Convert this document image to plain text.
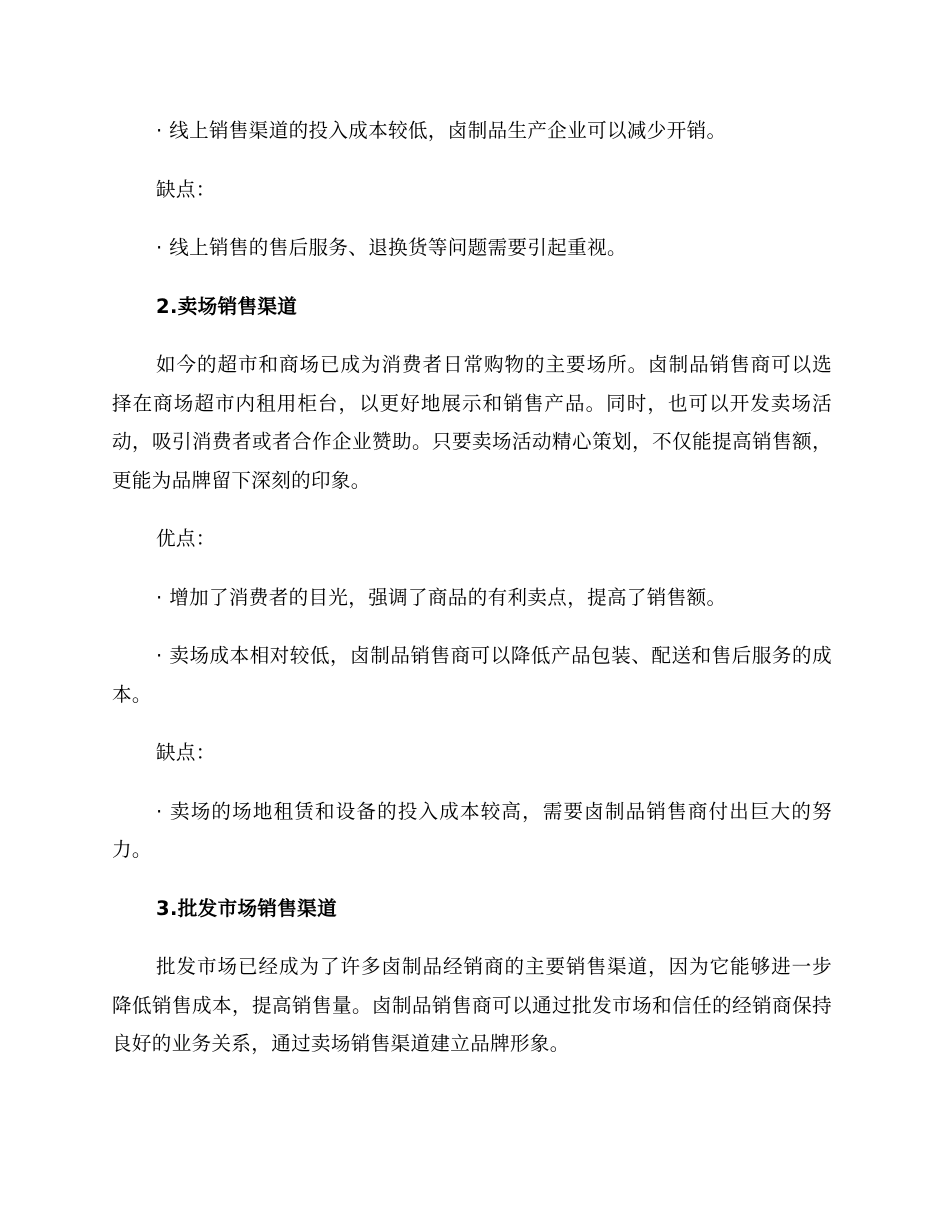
· 线上销售渠道的投入成本较低，卤制品生产企业可以减少开销。

缺点：

· 线上销售的售后服务、退换货等问题需要引起重视。

2.卖场销售渠道

如今的超市和商场已成为消费者日常购物的主要场所。卤制品销售商可以选择在商场超市内租用柜台，以更好地展示和销售产品。同时，也可以开发卖场活动，吸引消费者或者合作企业赞助。只要卖场活动精心策划，不仅能提高销售额，更能为品牌留下深刻的印象。

优点：

· 增加了消费者的目光，强调了商品的有利卖点，提高了销售额。

· 卖场成本相对较低，卤制品销售商可以降低产品包装、配送和售后服务的成本。

缺点：

· 卖场的场地租赁和设备的投入成本较高，需要卤制品销售商付出巨大的努力。

3.批发市场销售渠道

批发市场已经成为了许多卤制品经销商的主要销售渠道，因为它能够进一步降低销售成本，提高销售量。卤制品销售商可以通过批发市场和信任的经销商保持良好的业务关系，通过卖场销售渠道建立品牌形象。
